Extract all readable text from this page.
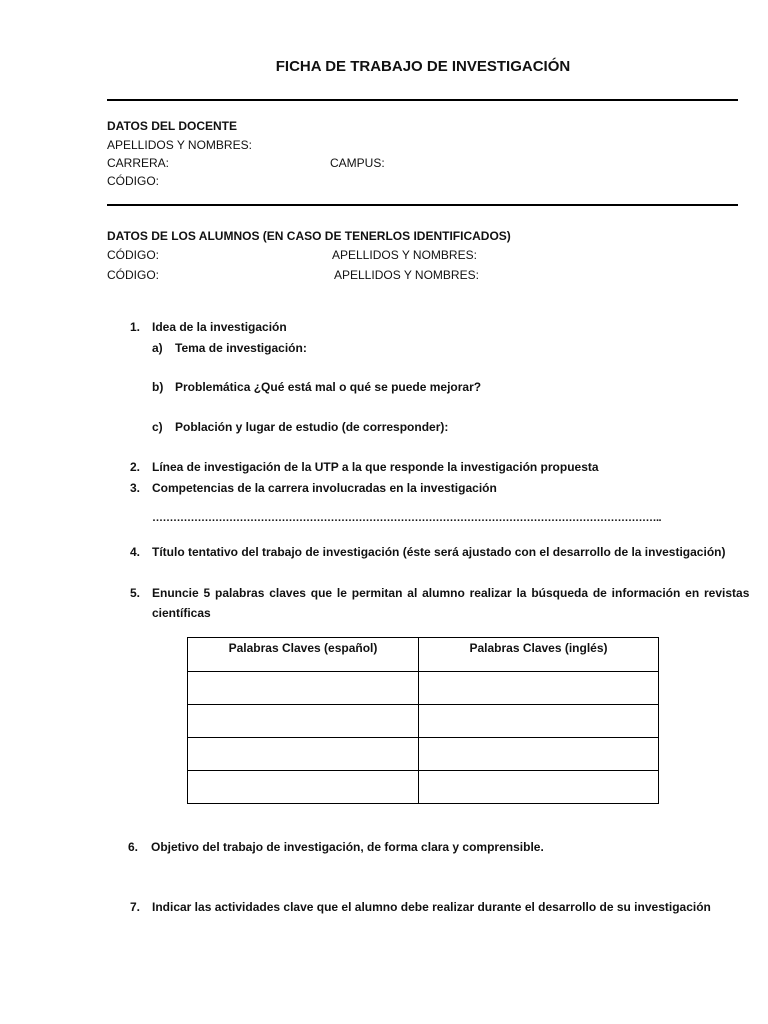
FICHA DE TRABAJO DE INVESTIGACIÓN
DATOS DEL DOCENTE
APELLIDOS Y NOMBRES:
CARRERA:	CAMPUS:
CÓDIGO:
DATOS DE LOS ALUMNOS (EN CASO DE TENERLOS IDENTIFICADOS)
CÓDIGO:	APELLIDOS Y NOMBRES:
CÓDIGO:	APELLIDOS Y NOMBRES:
1. Idea de la investigación
a) Tema de investigación:
b) Problemática ¿Qué está mal o qué se puede mejorar?
c) Población y lugar de estudio (de corresponder):
2. Línea de investigación de la UTP a la que responde la investigación propuesta
3. Competencias de la carrera involucradas en la investigación
………………………………………………………………………………………………………………………………..
4. Título tentativo del trabajo de investigación (éste será ajustado con el desarrollo de la investigación)
5. Enuncie 5 palabras claves que le permitan al alumno realizar la búsqueda de información en revistas
científicas
Palabras Claves (español)	Palabras Claves (inglés)

6. Objetivo del trabajo de investigación, de forma clara y comprensible.
7. Indicar las actividades clave que el alumno debe realizar durante el desarrollo de su investigación
